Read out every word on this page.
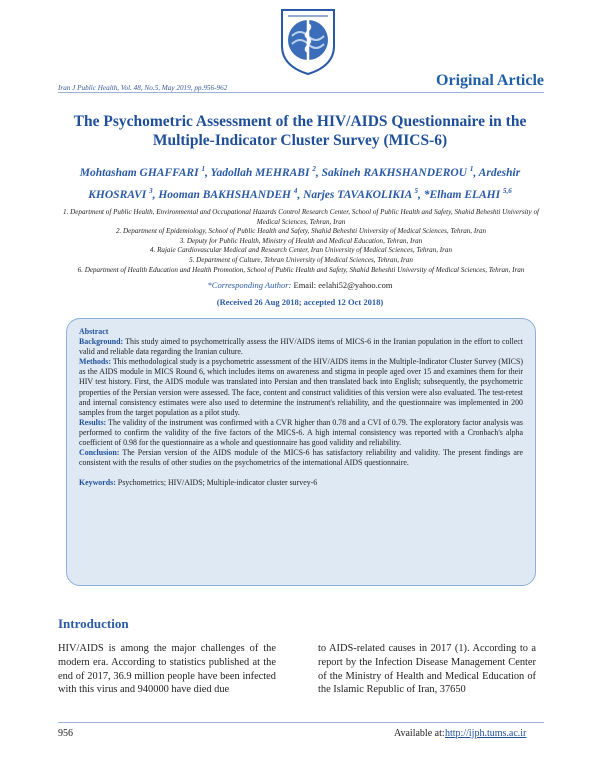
Iran J Public Health, Vol. 48, No.5, May 2019, pp.956-962	Original Article
The Psychometric Assessment of the HIV/AIDS Questionnaire in the Multiple-Indicator Cluster Survey (MICS-6)
Mohtasham GHAFFARI $^1$, Yadollah MEHRABI $^2$, Sakineh RAKHSHANDEROU $^1$, Ardeshir KHOSRAVI $^3$, Hooman BAKHSHANDEH $^4$, Narjes TAVAKOLIKIA $^5$, *Elham ELAHI $^{5,6}$
1. Department of Public Health, Environmental and Occupational Hazards Control Research Center, School of Public Health and Safety, Shahid Beheshti University of Medical Sciences, Tehran, Iran
2. Department of Epidemiology, School of Public Health and Safety, Shahid Beheshti University of Medical Sciences, Tehran, Iran
3. Deputy for Public Health, Ministry of Health and Medical Education, Tehran, Iran
4. Rajaie Cardiovascular Medical and Research Center, Iran University of Medical Sciences, Tehran, Iran
5. Department of Culture, Tehran University of Medical Sciences, Tehran, Iran
6. Department of Health Education and Health Promotion, School of Public Health and Safety, Shahid Beheshti University of Medical Sciences, Tehran, Iran
*Corresponding Author: Email: eelahi52@yahoo.com
(Received 26 Aug 2018; accepted 12 Oct 2018)

Abstract

Background: This study aimed to psychometrically assess the HIV/AIDS items of MICS-6 in the Iranian population in the effort to collect valid and reliable data regarding the Iranian culture.

Methods: This methodological study is a psychometric assessment of the HIV/AIDS items in the Multiple-Indicator Cluster Survey (MICS) as the AIDS module in MICS Round 6, which includes items on awareness and stigma in people aged over 15 and examines them for their HIV test history. First, the AIDS module was translated into Persian and then translated back into English; subsequently, the psychometric properties of the Persian version were assessed. The face, content and construct validities of this version were also evaluated. The test-retest and internal consistency estimates were also used to determine the instrument's reliability, and the questionnaire was implemented in 200 samples from the target population as a pilot study.

Results: The validity of the instrument was confirmed with a CVR higher than 0.78 and a CVI of 0.79. The exploratory factor analysis was performed to confirm the validity of the five factors of the MICS-6. A high internal consistency was reported with a Cronbach's alpha coefficient of 0.98 for the questionnaire as a whole and questionnaire has good validity and reliability.

Conclusion: The Persian version of the AIDS module of the MICS-6 has satisfactory reliability and validity. The present findings are consistent with the results of other studies on the psychometrics of the international AIDS questionnaire.

Keywords: Psychometrics; HIV/AIDS; Multiple-indicator cluster survey-6

Introduction
HIV/AIDS is among the major challenges of the modern era. According to statistics published at the end of 2017, 36.9 million people have been infected with this virus and 940000 have died due
to AIDS-related causes in 2017 (1). According to a report by the Infection Disease Management Center of the Ministry of Health and Medical Education of the Islamic Republic of Iran, 37650
956	Available at: http://ijph.tums.ac.ir
